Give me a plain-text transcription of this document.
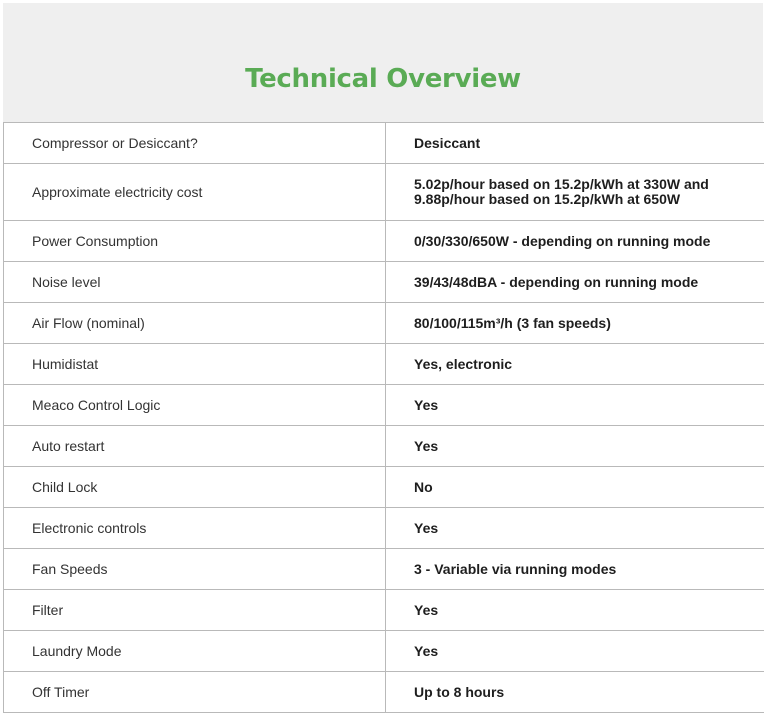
Technical Overview
Compressor or Desiccant?	Desiccant

Approximate electricity cost	5.02p/hour based on 15.2p/kWh at 330W and
9.88p/hour based on 15.2p/kWh at 650W

Power Consumption	0/30/330/650W - depending on running mode

Noise level	39/43/48dBA - depending on running mode

Air Flow (nominal)	80/100/115m³/h (3 fan speeds)

Humidistat	Yes, electronic

Meaco Control Logic	Yes

Auto restart	Yes

Child Lock	No

Electronic controls	Yes

Fan Speeds	3 - Variable via running modes

Filter	Yes

Laundry Mode	Yes

Off Timer	Up to 8 hours
